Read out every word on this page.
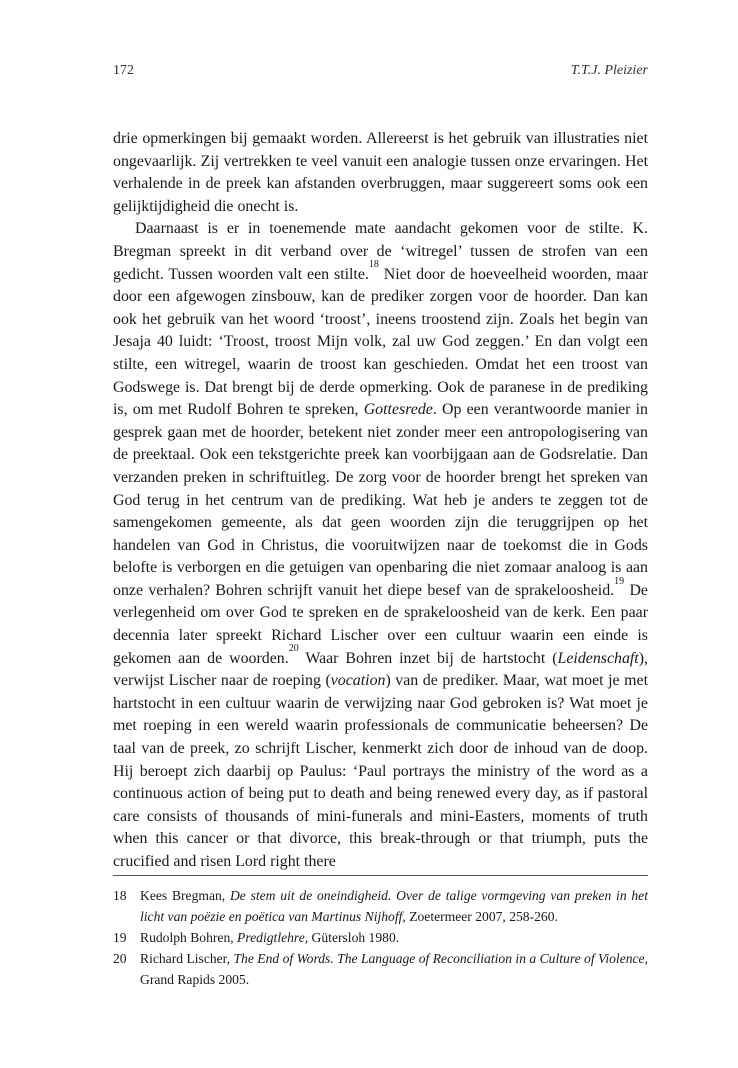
172	T.T.J. Pleizier

drie opmerkingen bij gemaakt worden. Allereerst is het gebruik van illustraties niet ongevaarlijk. Zij vertrekken te veel vanuit een analogie tussen onze ervaringen. Het verhalende in de preek kan afstanden overbruggen, maar suggereert soms ook een gelijktijdigheid die onecht is.

Daarnaast is er in toenemende mate aandacht gekomen voor de stilte. K. Bregman spreekt in dit verband over de ‘witregel’ tussen de strofen van een gedicht. Tussen woorden valt een stilte.$^{18}$ Niet door de hoeveelheid woorden, maar door een afgewogen zinsbouw, kan de prediker zorgen voor de hoorder. Dan kan ook het gebruik van het woord ‘troost’, ineens troostend zijn. Zoals het begin van Jesaja 40 luidt: ‘Troost, troost Mijn volk, zal uw God zeggen.’ En dan volgt een stilte, een witregel, waarin de troost kan geschieden. Omdat het een troost van Godswege is. Dat brengt bij de derde opmerking. Ook de paranese in de prediking is, om met Rudolf Bohren te spreken, Gottesrede. Op een verantwoorde manier in gesprek gaan met de hoorder, betekent niet zonder meer een antropologisering van de preektaal. Ook een tekstgerichte preek kan voorbijgaan aan de Godsrelatie. Dan verzanden preken in schriftuitleg. De zorg voor de hoorder brengt het spreken van God terug in het centrum van de prediking. Wat heb je anders te zeggen tot de samengekomen gemeente, als dat geen woorden zijn die teruggrijpen op het handelen van God in Christus, die vooruitwijzen naar de toekomst die in Gods belofte is verborgen en die getuigen van openbaring die niet zomaar analoog is aan onze verhalen? Bohren schrijft vanuit het diepe besef van de sprakeloosheid.$^{19}$ De verlegenheid om over God te spreken en de sprakeloosheid van de kerk. Een paar decennia later spreekt Richard Lischer over een cultuur waarin een einde is gekomen aan de woorden.$^{20}$ Waar Bohren inzet bij de hartstocht (Leidenschaft), verwijst Lischer naar de roeping (vocation) van de prediker. Maar, wat moet je met hartstocht in een cultuur waarin de verwijzing naar God gebroken is? Wat moet je met roeping in een wereld waarin professionals de communicatie beheersen? De taal van de preek, zo schrijft Lischer, kenmerkt zich door de inhoud van de doop. Hij beroept zich daarbij op Paulus: ‘Paul portrays the ministry of the word as a continuous action of being put to death and being renewed every day, as if pastoral care consists of thousands of mini-funerals and mini-Easters, moments of truth when this cancer or that divorce, this break-through or that triumph, puts the crucified and risen Lord right there

18 Kees Bregman, De stem uit de oneindigheid. Over de talige vormgeving van preken in het licht van poëzie en poëtica van Martinus Nijhoff, Zoetermeer 2007, 258-260.
19 Rudolph Bohren, Predigtlehre, Gütersloh 1980.
20 Richard Lischer, The End of Words. The Language of Reconciliation in a Culture of Violence, Grand Rapids 2005.
